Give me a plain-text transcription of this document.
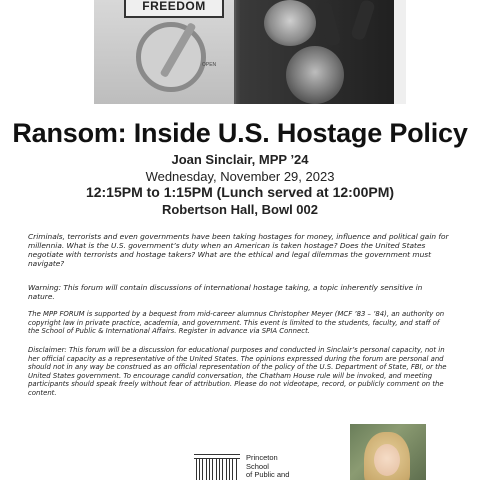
FREEDOM
OPEN
Ransom: Inside U.S. Hostage Policy
Joan Sinclair, MPP ’24
Wednesday, November 29, 2023
12:15PM to 1:15PM (Lunch served at 12:00PM)
Robertson Hall, Bowl 002

Criminals, terrorists and even governments have been taking hostages for money, influence and political gain for millennia. What is the U.S. government’s duty when an American is taken hostage? Does the United States negotiate with terrorists and hostage takers? What are the ethical and legal dilemmas the government must navigate?

Warning: This forum will contain discussions of international hostage taking, a topic inherently sensitive in nature.

The MPP FORUM is supported by a bequest from mid-career alumnus Christopher Meyer (MCF ’83 – ’84), an authority on copyright law in private practice, academia, and government. This event is limited to the students, faculty, and staff of the School of Public & International Affairs. Register in advance via SPIA Connect.

Disclaimer: This forum will be a discussion for educational purposes and conducted in Sinclair’s personal capacity, not in her official capacity as a representative of the United States. The opinions expressed during the forum are personal and should not in any way be construed as an official representation of the policy of the U.S. Department of State, FBI, or the United States government. To encourage candid conversation, the Chatham House rule will be invoked, and meeting participants should speak freely without fear of attribution. Please do not videotape, record, or publicly comment on the content.

Princeton School
of Public and
